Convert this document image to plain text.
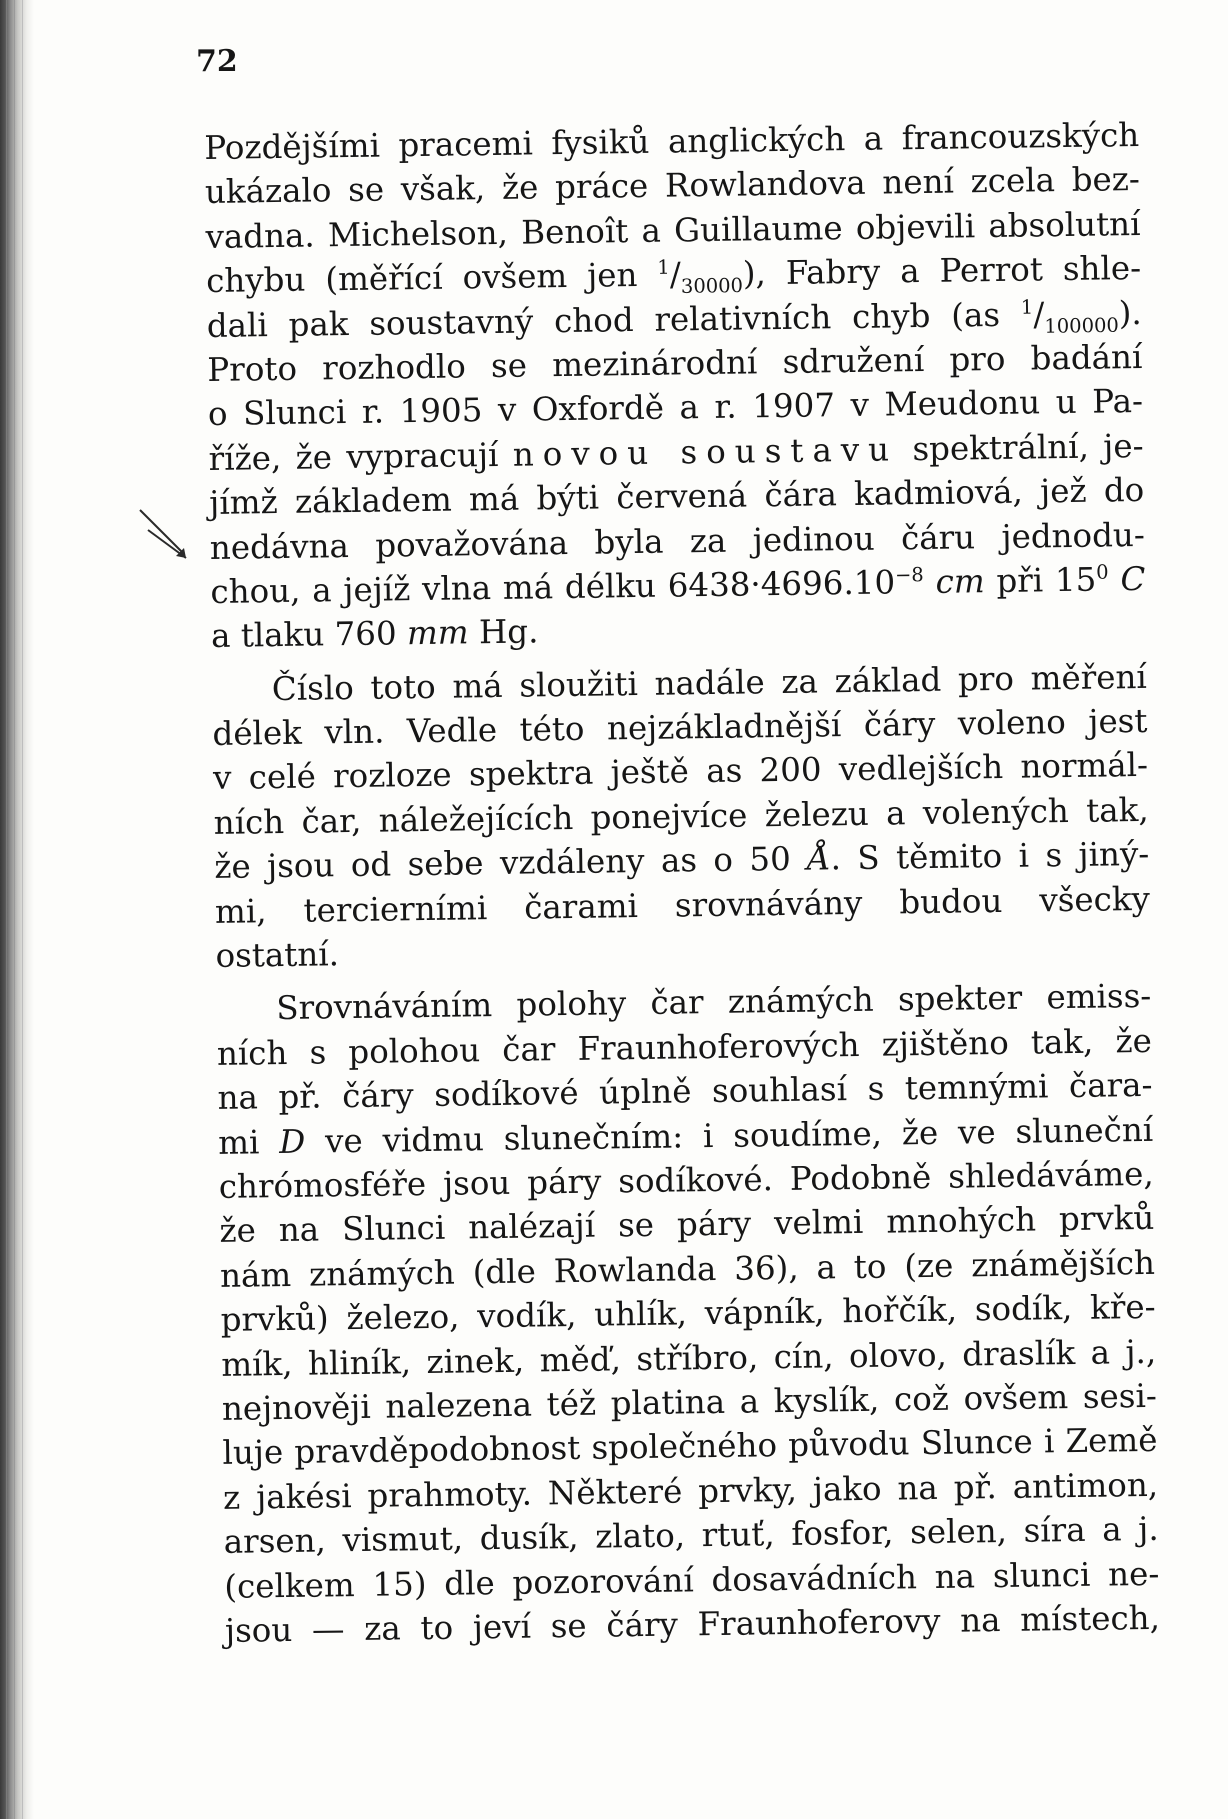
72
Pozdějšími pracemi fysiků anglických a francouzských
ukázalo se však, že práce Rowlandova není zcela bez-
vadna. Michelson, Benoît a Guillaume objevili absolutní
chybu (měřící ovšem jen $^1/_{30000}$), Fabry a Perrot shle-
dali pak soustavný chod relativních chyb (as $^1/_{100000}$).
Proto rozhodlo se mezinárodní sdružení pro badání
o Slunci r. 1905 v Oxfordě a r. 1907 v Meudonu u Pa-
říže, že vypracují novou soustavu spektrální, je-
jímž základem má býti červená čára kadmiová, jež do
nedávna považována byla za jedinou čáru jednodu-
chou, a jejíž vlna má délku $6438\cdot 4696.10^{-8}$ cm při $15^0$ C
a tlaku 760 mm Hg.
Číslo toto má sloužiti nadále za základ pro měření
délek vln. Vedle této nejzákladnější čáry voleno jest
v celé rozloze spektra ještě as 200 vedlejších normál-
ních čar, náležejících ponejvíce železu a volených tak,
že jsou od sebe vzdáleny as o 50 Å. S těmito i s jiný-
mi, tercierními čarami srovnávány budou všecky
ostatní.
Srovnáváním polohy čar známých spekter emiss-
ních s polohou čar Fraunhoferových zjištěno tak, že
na př. čáry sodíkové úplně souhlasí s temnými čara-
mi D ve vidmu slunečním: i soudíme, že ve sluneční
chrómosféře jsou páry sodíkové. Podobně shledáváme,
že na Slunci nalézají se páry velmi mnohých prvků
nám známých (dle Rowlanda 36), a to (ze známějších
prvků) železo, vodík, uhlík, vápník, hořčík, sodík, kře-
mík, hliník, zinek, měď, stříbro, cín, olovo, draslík a j.,
nejnověji nalezena též platina a kyslík, což ovšem sesi-
luje pravděpodobnost společného původu Slunce i Země
z jakési prahmoty. Některé prvky, jako na př. antimon,
arsen, vismut, dusík, zlato, rtuť, fosfor, selen, síra a j.
(celkem 15) dle pozorování dosavádních na slunci ne-
jsou — za to jeví se čáry Fraunhoferovy na místech,
